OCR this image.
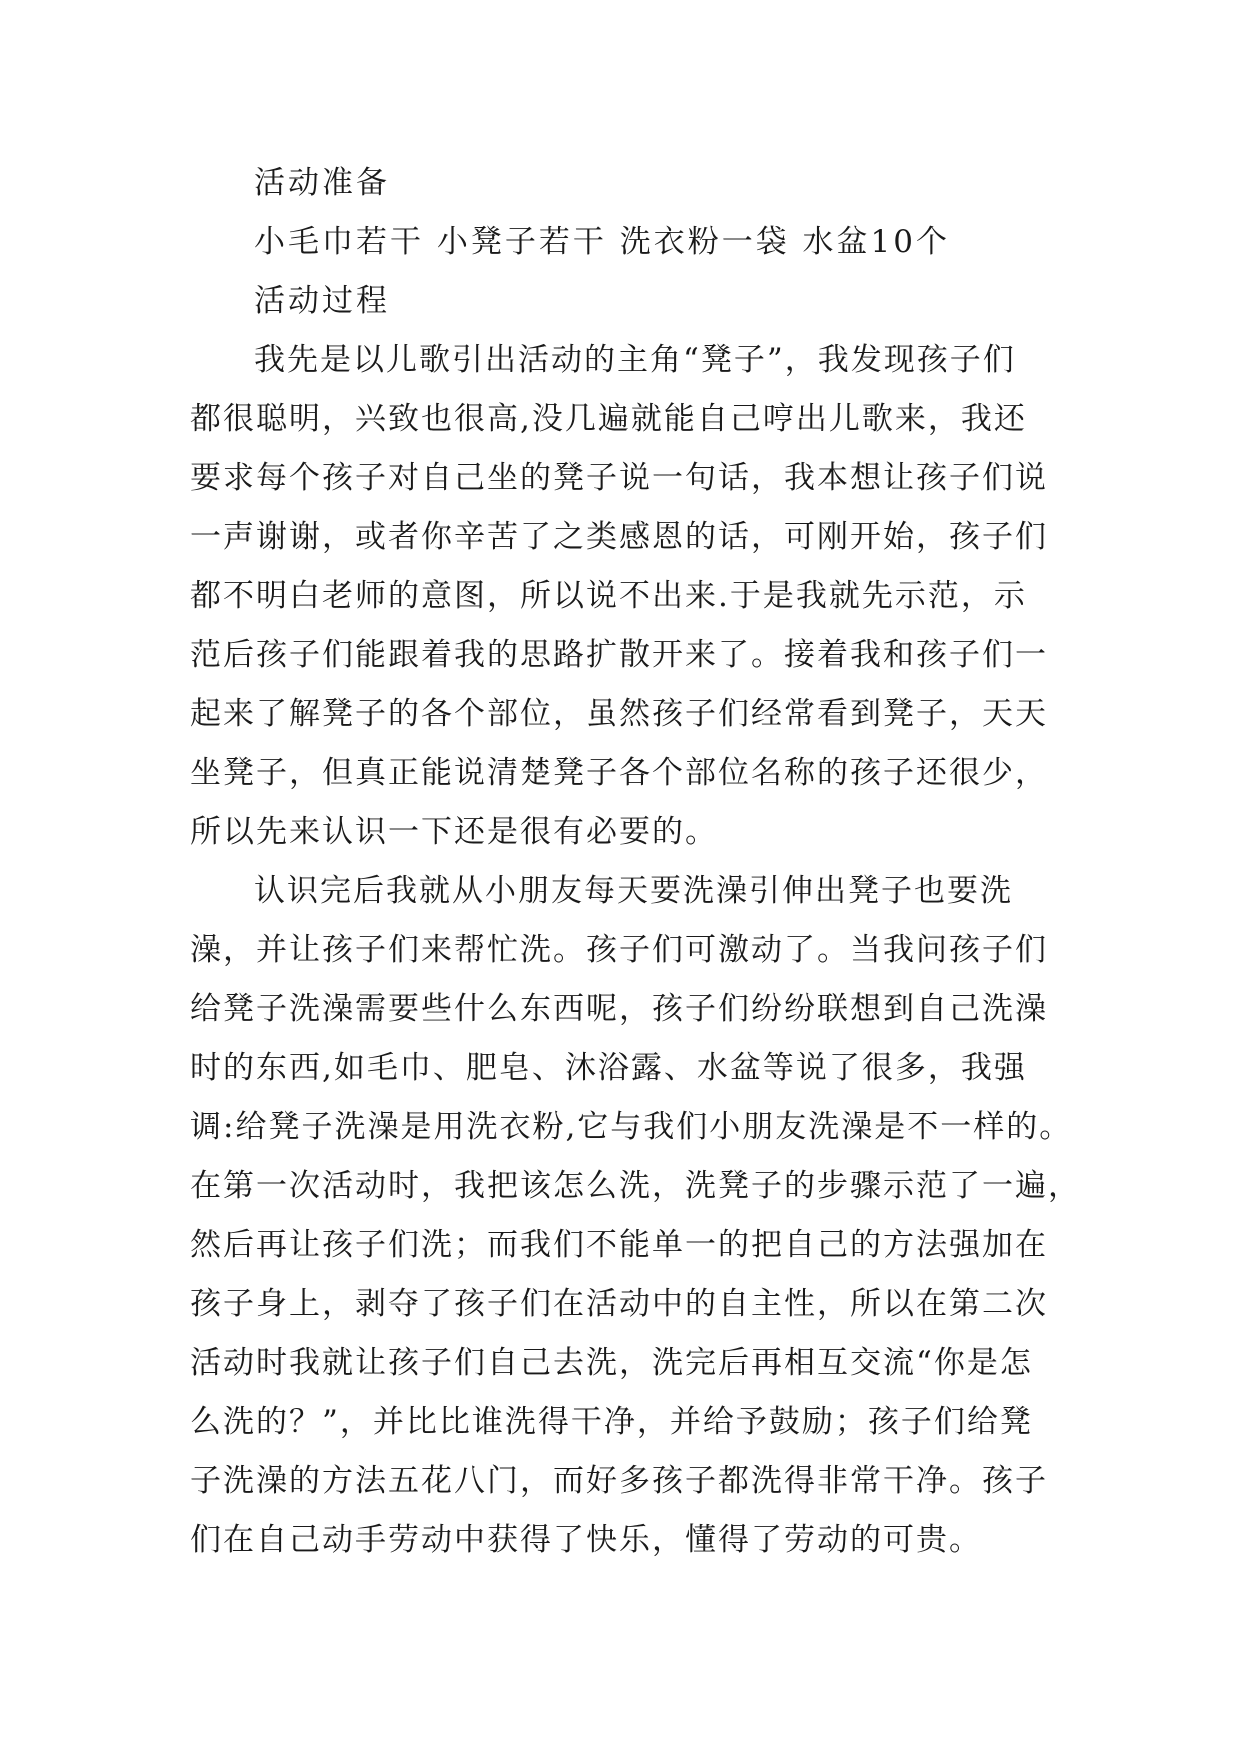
活动准备

小毛巾若干 小凳子若干 洗衣粉一袋 水盆10个

活动过程

我先是以儿歌引出活动的主角“凳子”，我发现孩子们
都很聪明，兴致也很高,没几遍就能自己哼出儿歌来，我还
要求每个孩子对自己坐的凳子说一句话，我本想让孩子们说
一声谢谢，或者你辛苦了之类感恩的话，可刚开始，孩子们
都不明白老师的意图，所以说不出来.于是我就先示范，示
范后孩子们能跟着我的思路扩散开来了。接着我和孩子们一
起来了解凳子的各个部位，虽然孩子们经常看到凳子，天天
坐凳子，但真正能说清楚凳子各个部位名称的孩子还很少，
所以先来认识一下还是很有必要的。
认识完后我就从小朋友每天要洗澡引伸出凳子也要洗
澡，并让孩子们来帮忙洗。孩子们可激动了。当我问孩子们
给凳子洗澡需要些什么东西呢，孩子们纷纷联想到自己洗澡
时的东西,如毛巾、肥皂、沐浴露、水盆等说了很多，我强
调:给凳子洗澡是用洗衣粉,它与我们小朋友洗澡是不一样的。
在第一次活动时，我把该怎么洗，洗凳子的步骤示范了一遍，
然后再让孩子们洗；而我们不能单一的把自己的方法强加在
孩子身上，剥夺了孩子们在活动中的自主性，所以在第二次
活动时我就让孩子们自己去洗，洗完后再相互交流“你是怎
么洗的？”，并比比谁洗得干净，并给予鼓励；孩子们给凳
子洗澡的方法五花八门，而好多孩子都洗得非常干净。孩子
们在自己动手劳动中获得了快乐，懂得了劳动的可贵。
